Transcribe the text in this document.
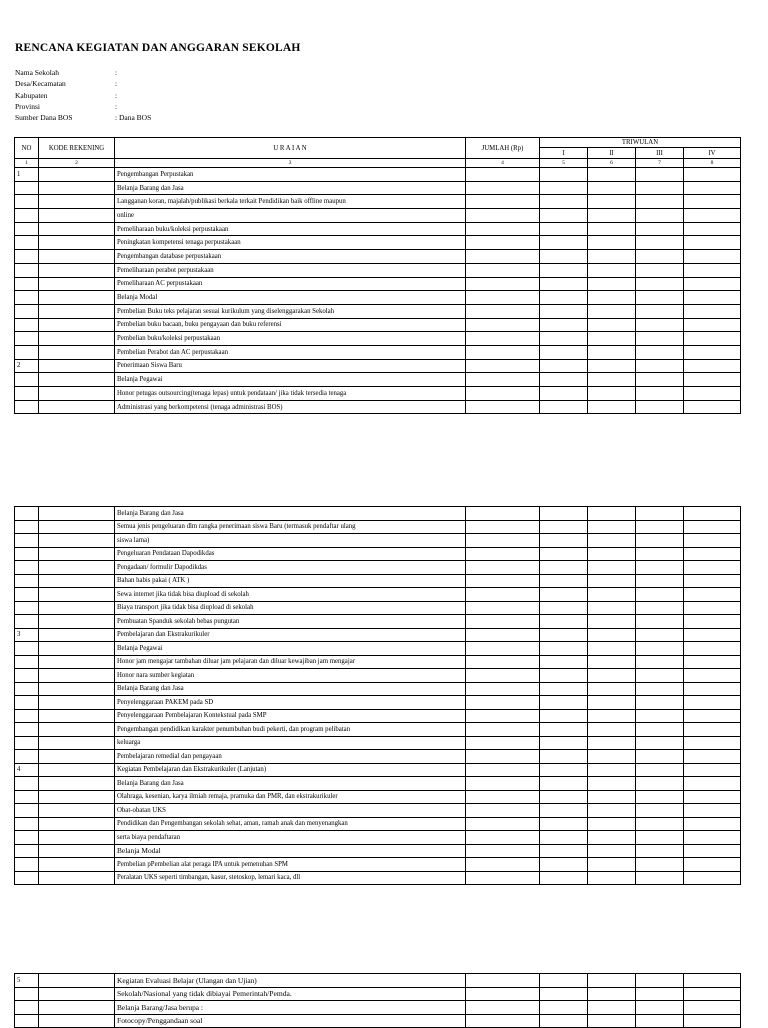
RENCANA KEGIATAN DAN ANGGARAN SEKOLAH
Nama Sekolah	:
Desa/Kecamatan	:
Kabupaten	:
Provinsi	:
Sumber Dana BOS	: Dana BOS
NO	KODE REKENING	U R A I A N	JUMLAH (Rp)	TRIWULAN			
				I	II	III	IV
1	2	3	4	5	6	7	8
1		Pengembangan Perpustakan					
		Belanja Barang dan Jasa					
		Langganan koran, majalah/publikasi berkala terkait Pendidikan baik offline maupun					
		online					
		Pemeliharaan buku/koleksi perpustakaan					
		Peningkatan kompetensi tenaga perpustakaan					
		Pengembangan database perpustakaan					
		Pemeliharaan perabot perpustakaan					
		Pemeliharaan AC perpustakaan					
		Belanja Modal					
		Pembelian Buku teks pelajaran sesuai kurikulum yang diselenggarakan Sekolah					
		Pembelian buku bacaan, buku pengayaan dan buku referensi					
		Pembelian buku/koleksi perpustakaan					
		Pembelian Perabot dan AC perpustakaan					
2		Penerimaan Siswa Baru					
		Belanja Pegawai					
		Honor petugas outsourcing(tenaga lepas) untuk pendataan/ jika tidak tersedia tenaga					
		Administrasi yang berkompetensi (tenaga administrasi BOS)					
		Belanja Barang dan Jasa					
		Semua jenis pengeluaran dlm rangka penerimaan siswa Baru (termasuk pendaftar ulang					
		siswa lama)					
		Pengeluaran Pendataan Dapodikdas					
		Pengadaan/ formulir Dapodikdas					
		Bahan habis pakai ( ATK )					
		Sewa internet jika tidak bisa diupload di sekolah					
		Biaya transport jika tidak bisa diupload di sekolah					
		Pembuatan Spanduk sekolah bebas pungutan					
3		Pembelajaran dan Ekstrakurikuler					
		Belanja Pegawai					
		Honor jam mengajar tambahan diluar jam pelajaran dan diluar kewajiban jam mengajar					
		Honor nara sumber kegiatan					
		Belanja Barang dan Jasa					
		Penyelenggaraan PAKEM pada SD					
		Penyelenggaraan Pembelajaran Kontekstual pada SMP					
		Pengembangan pendidikan karakter penumbuhan budi pekerti, dan program pelibatan					
		keluarga					
		Pembelajaran remedial dan pengayaan					
4		Kegiatan Pembelajaran dan Ekstrakurikuler (Lanjutan)					
		Belanja Barang dan Jasa					
		Olahraga, kesenian, karya ilmiah remaja, pramuka dan PMR, dan ekstrakurikuler					
		Obat-obatan UKS					
		Pendidikan dan Pengembangan sekolah sehat, aman, ramah anak dan menyenangkan					
		serta biaya pendaftaran					
		Belanja Modal					
		Pembelian pPembelian alat peraga IPA untuk pemenuhan SPM					
		Peralatan UKS seperti timbangan, kasur, stetoskop, lemari kaca, dll					
5		Kegiatan Evaluasi Belajar (Ulangan dan Ujian)					
		Sekolah/Nasional yang tidak dibiayai Pemerintah/Pemda.					
		Belanja Barang/Jasa berupa :					
		Fotocopy/Penggandaan soal					
